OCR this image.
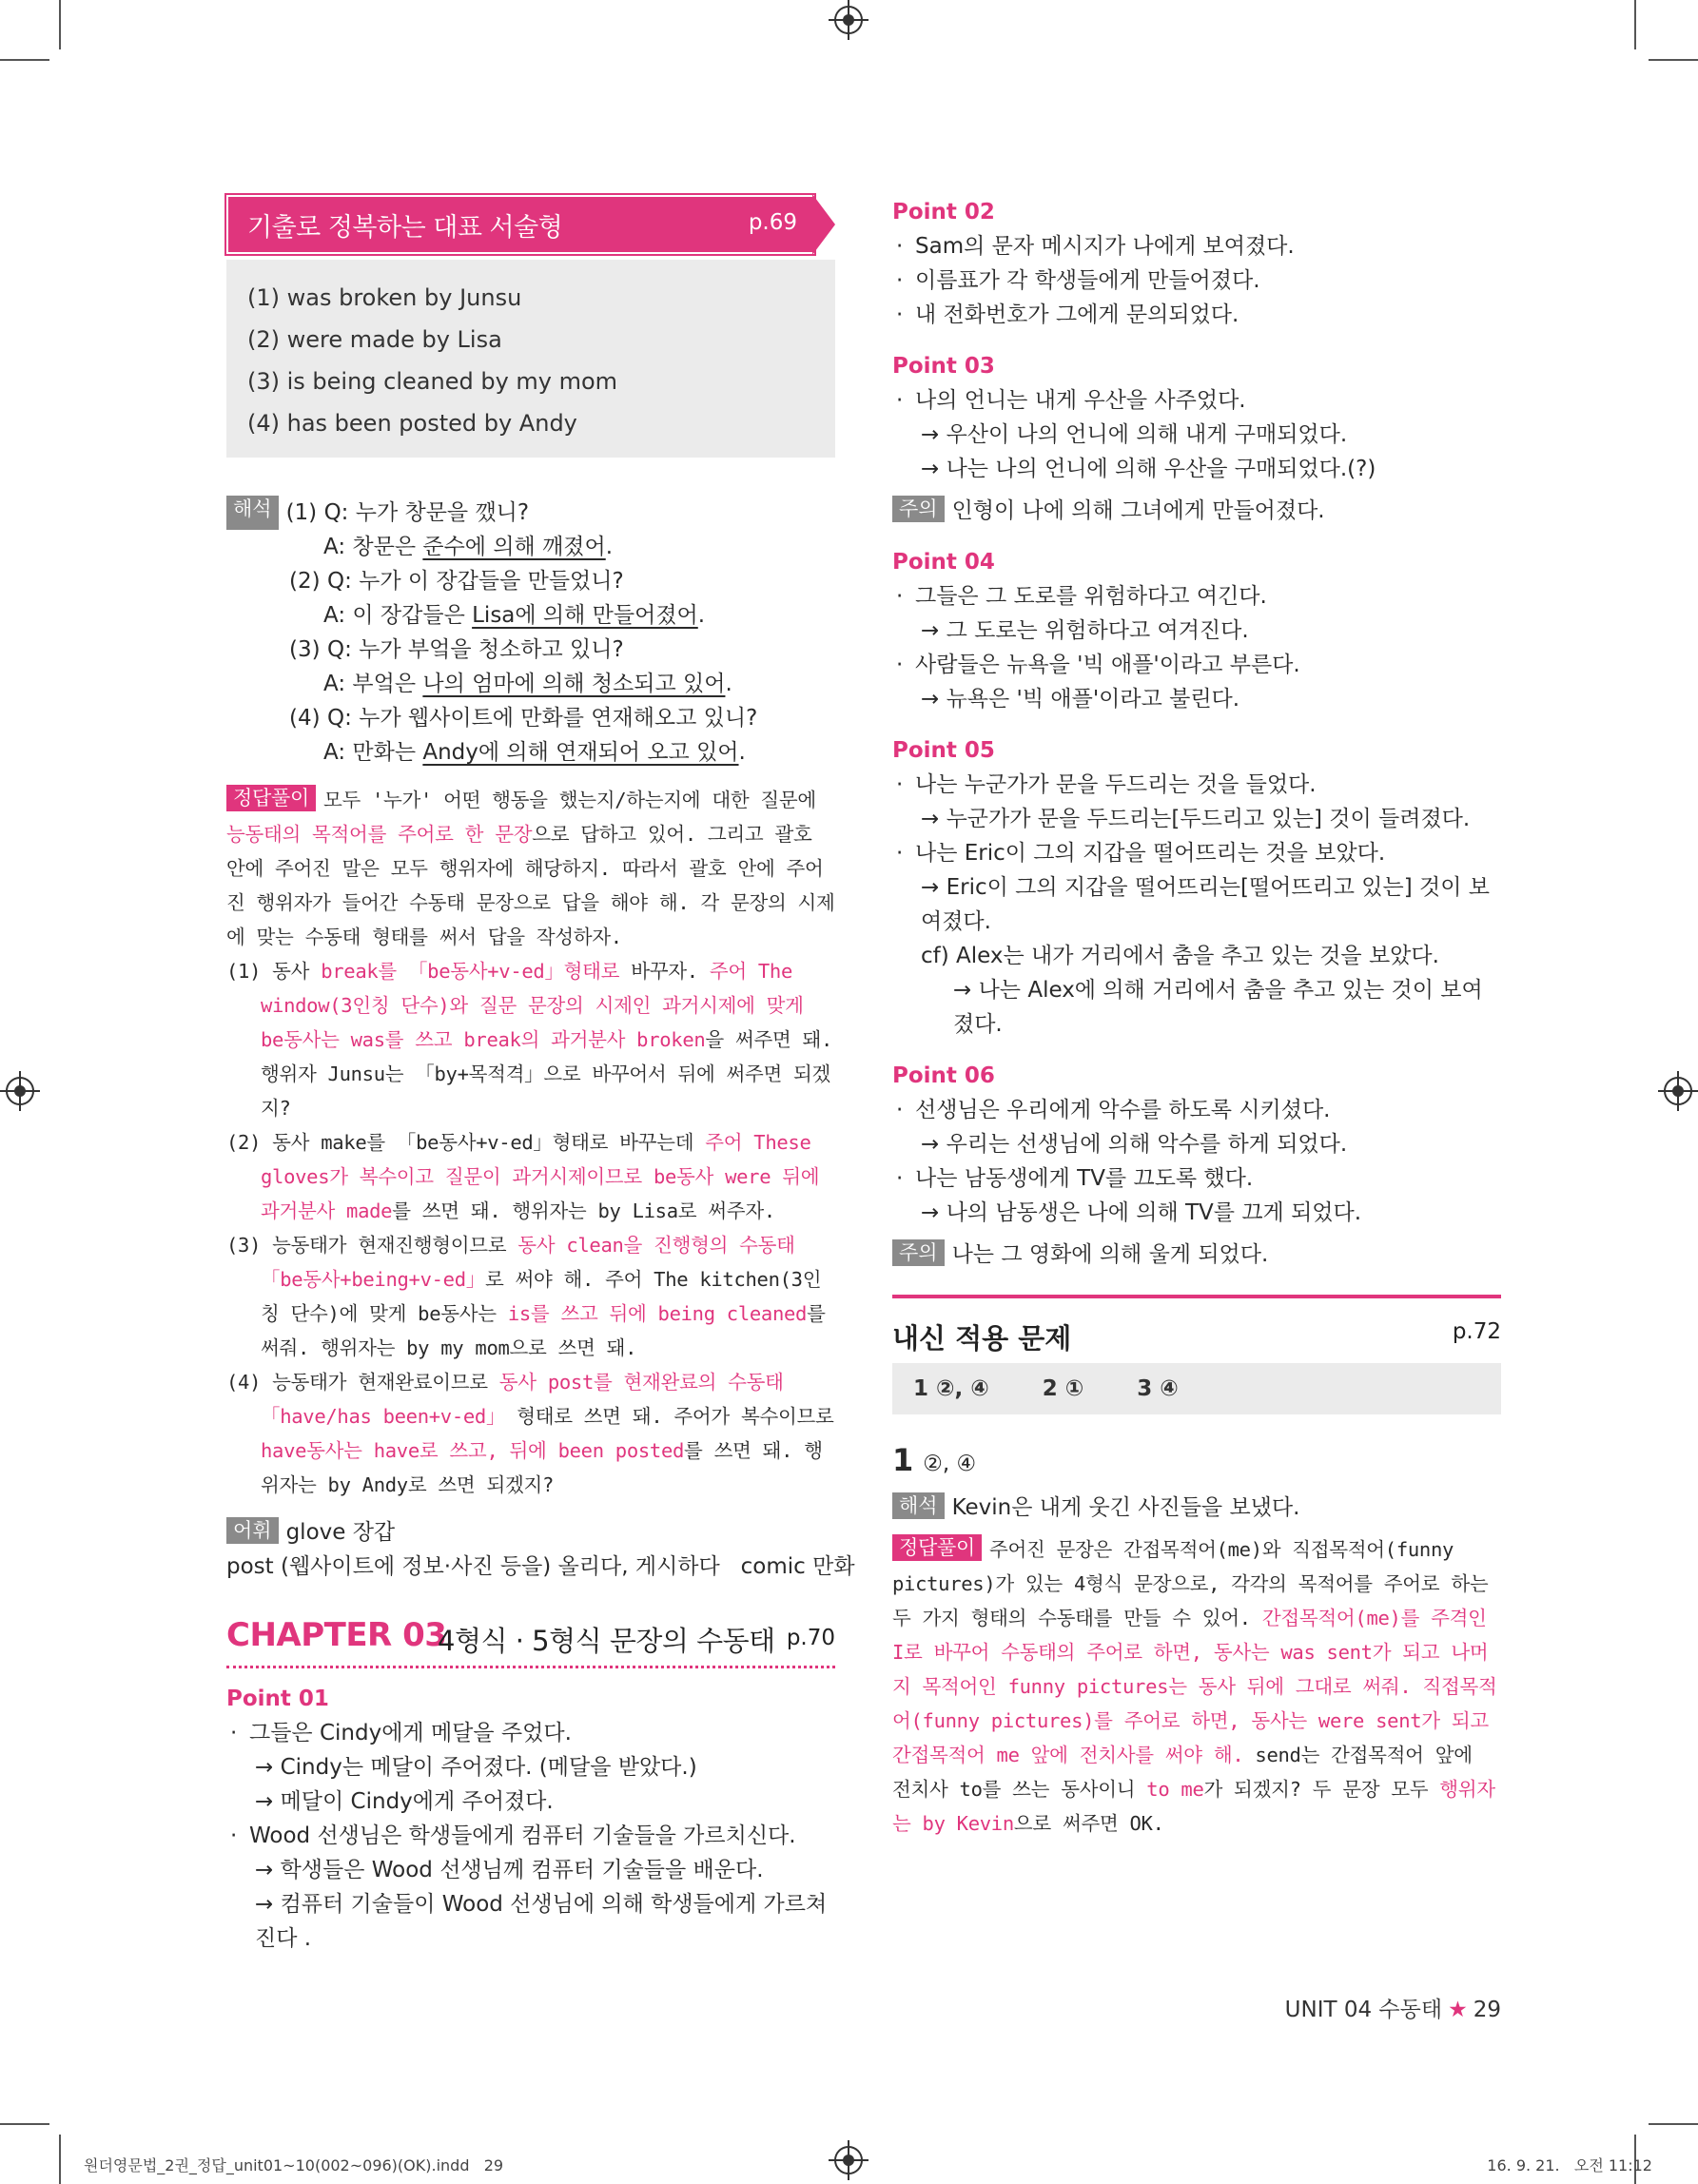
기출로 정복하는 대표 서술형	p.69
(1) was broken by Junsu
(2) were made by Lisa
(3) is being cleaned by my mom
(4) has been posted by Andy
해석 (1) Q: 누가 창문을 깼니?
A: 창문은 준수에 의해 깨졌어.
(2) Q: 누가 이 장갑들을 만들었니?
A: 이 장갑들은 Lisa에 의해 만들어졌어.
(3) Q: 누가 부엌을 청소하고 있니?
A: 부엌은 나의 엄마에 의해 청소되고 있어.
(4) Q: 누가 웹사이트에 만화를 연재해오고 있니?
A: 만화는 Andy에 의해 연재되어 오고 있어.
정답풀이 모두 '누가' 어떤 행동을 했는지/하는지에 대한 질문에 능동태의 목적어를 주어로 한 문장으로 답하고 있어. 그리고 괄호 안에 주어진 말은 모두 행위자에 해당하지. 따라서 괄호 안에 주어진 행위자가 들어간 수동태 문장으로 답을 해야 해. 각 문장의 시제에 맞는 수동태 형태를 써서 답을 작성하자.
(1) 동사 break를 「be동사+v-ed」형태로 바꾸자. 주어 The window(3인칭 단수)와 질문 문장의 시제인 과거시제에 맞게 be동사는 was를 쓰고 break의 과거분사 broken을 써주면 돼. 행위자 Junsu는 「by+목적격」으로 바꾸어서 뒤에 써주면 되겠지?
(2) 동사 make를 「be동사+v-ed」형태로 바꾸는데 주어 These gloves가 복수이고 질문이 과거시제이므로 be동사 were 뒤에 과거분사 made를 쓰면 돼. 행위자는 by Lisa로 써주자.
(3) 능동태가 현재진행형이므로 동사 clean을 진행형의 수동태 「be동사+being+v-ed」로 써야 해. 주어 The kitchen(3인칭 단수)에 맞게 be동사는 is를 쓰고 뒤에 being cleaned를 써줘. 행위자는 by my mom으로 쓰면 돼.
(4) 능동태가 현재완료이므로 동사 post를 현재완료의 수동태 「have/has been+v-ed」 형태로 쓰면 돼. 주어가 복수이므로 have동사는 have로 쓰고, 뒤에 been posted를 쓰면 돼. 행위자는 by Andy로 쓰면 되겠지?
어휘 glove 장갑
post (웹사이트에 정보·사진 등을) 올리다, 게시하다   comic 만화
CHAPTER 03
4형식 · 5형식 문장의 수동태 p.70
Point 01
· 그들은 Cindy에게 메달을 주었다.
→ Cindy는 메달이 주어졌다. (메달을 받았다.)
→ 메달이 Cindy에게 주어졌다.
· Wood 선생님은 학생들에게 컴퓨터 기술들을 가르치신다.
→ 학생들은 Wood 선생님께 컴퓨터 기술들을 배운다.
→ 컴퓨터 기술들이 Wood 선생님에 의해 학생들에게 가르쳐진다 .
Point 02
· Sam의 문자 메시지가 나에게 보여졌다.
· 이름표가 각 학생들에게 만들어졌다.
· 내 전화번호가 그에게 문의되었다.
Point 03
· 나의 언니는 내게 우산을 사주었다.
→ 우산이 나의 언니에 의해 내게 구매되었다.
→ 나는 나의 언니에 의해 우산을 구매되었다.(?)
주의 인형이 나에 의해 그녀에게 만들어졌다.
Point 04
· 그들은 그 도로를 위험하다고 여긴다.
→ 그 도로는 위험하다고 여겨진다.
· 사람들은 뉴욕을 '빅 애플'이라고 부른다.
→ 뉴욕은 '빅 애플'이라고 불린다.
Point 05
· 나는 누군가가 문을 두드리는 것을 들었다.
→ 누군가가 문을 두드리는[두드리고 있는] 것이 들려졌다.
· 나는 Eric이 그의 지갑을 떨어뜨리는 것을 보았다.
→ Eric이 그의 지갑을 떨어뜨리는[떨어뜨리고 있는] 것이 보여졌다.
cf) Alex는 내가 거리에서 춤을 추고 있는 것을 보았다.
→ 나는 Alex에 의해 거리에서 춤을 추고 있는 것이 보여졌다.
Point 06
· 선생님은 우리에게 악수를 하도록 시키셨다.
→ 우리는 선생님에 의해 악수를 하게 되었다.
· 나는 남동생에게 TV를 끄도록 했다.
→ 나의 남동생은 나에 의해 TV를 끄게 되었다.
주의 나는 그 영화에 의해 울게 되었다.
내신 적용 문제	p.72
1 ②, ④ 2 ① 3 ④
1 ②, ④
해석 Kevin은 내게 웃긴 사진들을 보냈다.
정답풀이 주어진 문장은 간접목적어(me)와 직접목적어(funny pictures)가 있는 4형식 문장으로, 각각의 목적어를 주어로 하는 두 가지 형태의 수동태를 만들 수 있어. 간접목적어(me)를 주격인 I로 바꾸어 수동태의 주어로 하면, 동사는 was sent가 되고 나머지 목적어인 funny pictures는 동사 뒤에 그대로 써줘. 직접목적어(funny pictures)를 주어로 하면, 동사는 were sent가 되고 간접목적어 me 앞에 전치사를 써야 해. send는 간접목적어 앞에 전치사 to를 쓰는 동사이니 to me가 되겠지? 두 문장 모두 행위자는 by Kevin으로 써주면 OK.
UNIT 04 수동태 ★ 29
원더영문법_2권_정답_unit01~10(002~096)(OK).indd   29	16. 9. 21.   오전 11:12
